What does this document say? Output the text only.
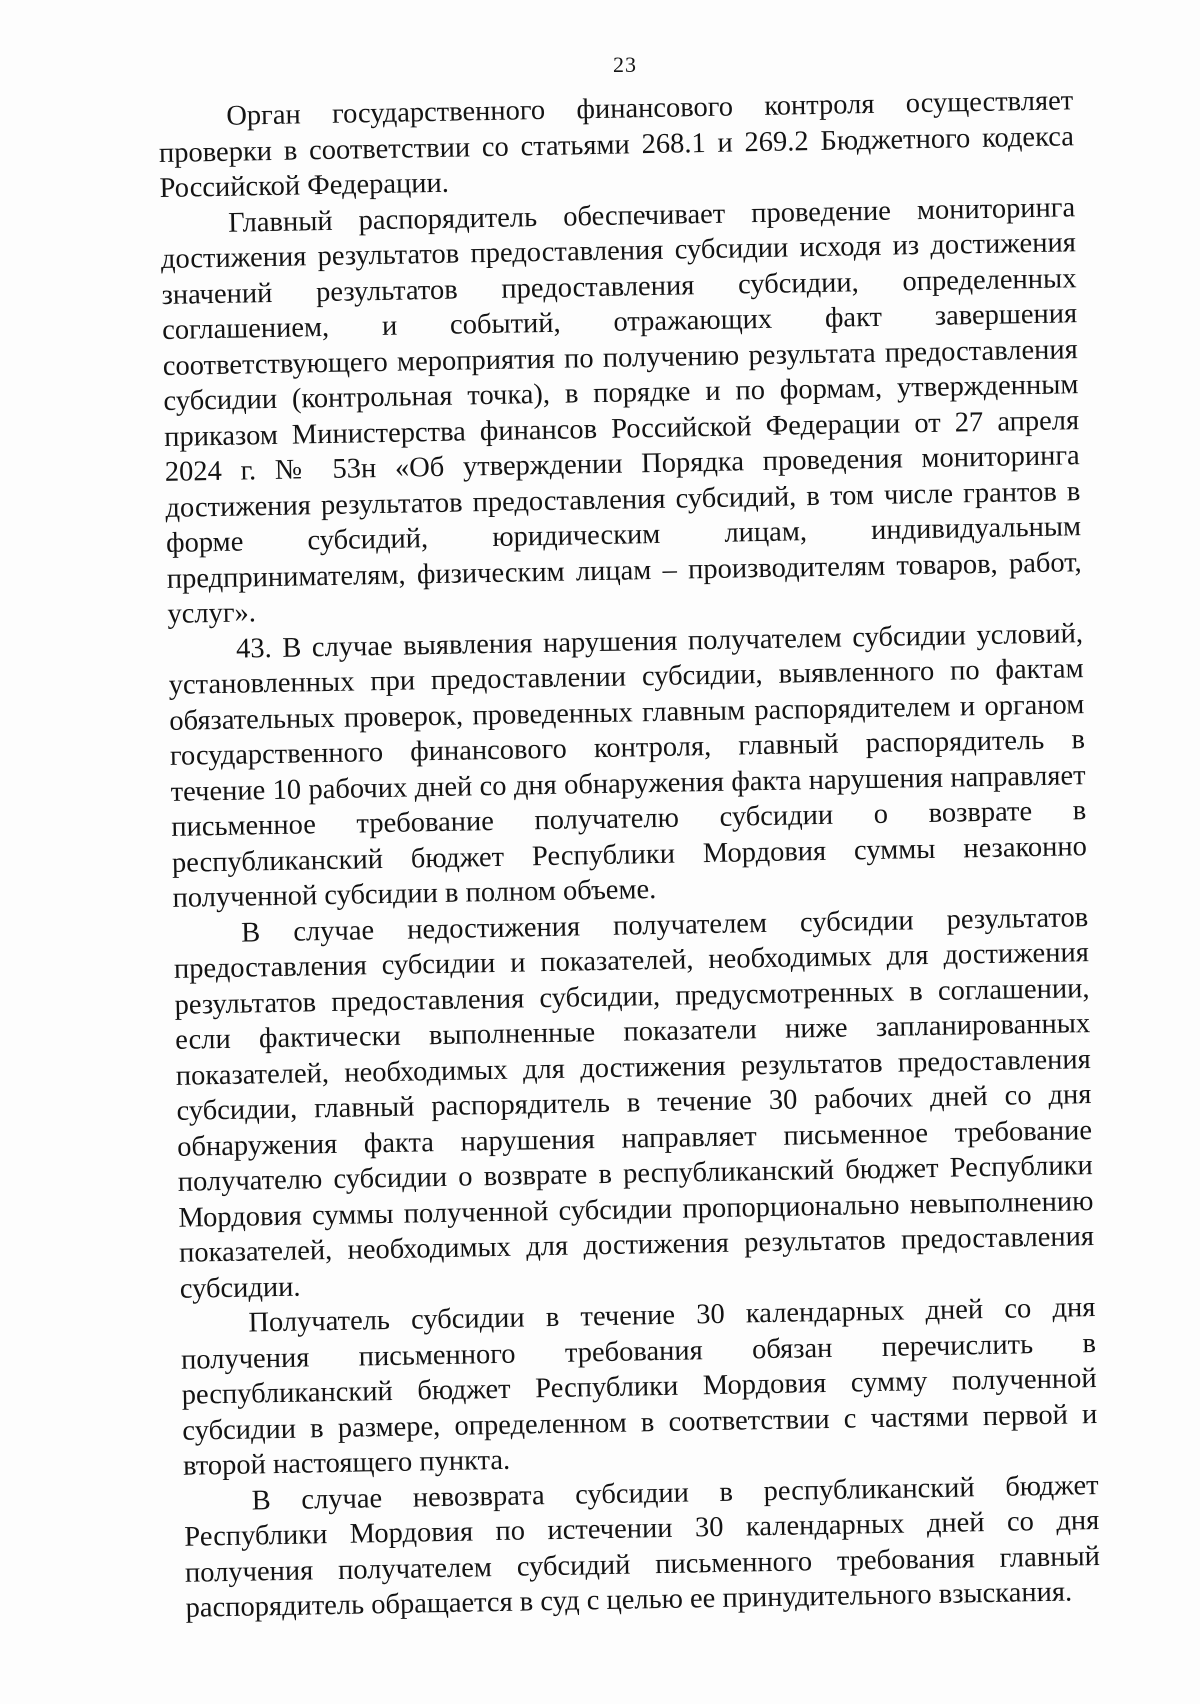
23

Орган государственного финансового контроля осуществляет проверки в соответствии со статьями 268.1 и 269.2 Бюджетного кодекса Российской Федерации.

Главный распорядитель обеспечивает проведение мониторинга достижения результатов предоставления субсидии исходя из достижения значений результатов предоставления субсидии, определенных соглашением, и событий, отражающих факт завершения соответствующего мероприятия по получению результата предоставления субсидии (контрольная точка), в порядке и по формам, утвержденным приказом Министерства финансов Российской Федерации от 27 апреля 2024 г. № 53н «Об утверждении Порядка проведения мониторинга достижения результатов предоставления субсидий, в том числе грантов в форме субсидий, юридическим лицам, индивидуальным предпринимателям, физическим лицам – производителям товаров, работ, услуг».

43. В случае выявления нарушения получателем субсидии условий, установленных при предоставлении субсидии, выявленного по фактам обязательных проверок, проведенных главным распорядителем и органом государственного финансового контроля, главный распорядитель в течение 10 рабочих дней со дня обнаружения факта нарушения направляет письменное требование получателю субсидии о возврате в республиканский бюджет Республики Мордовия суммы незаконно полученной субсидии в полном объеме.

В случае недостижения получателем субсидии результатов предоставления субсидии и показателей, необходимых для достижения результатов предоставления субсидии, предусмотренных в соглашении, если фактически выполненные показатели ниже запланированных показателей, необходимых для достижения результатов предоставления субсидии, главный распорядитель в течение 30 рабочих дней со дня обнаружения факта нарушения направляет письменное требование получателю субсидии о возврате в республиканский бюджет Республики Мордовия суммы полученной субсидии пропорционально невыполнению показателей, необходимых для достижения результатов предоставления субсидии.

Получатель субсидии в течение 30 календарных дней со дня получения письменного требования обязан перечислить в республиканский бюджет Республики Мордовия сумму полученной субсидии в размере, определенном в соответствии с частями первой и второй настоящего пункта.

В случае невозврата субсидии в республиканский бюджет Республики Мордовия по истечении 30 календарных дней со дня получения получателем субсидий письменного требования главный распорядитель обращается в суд с целью ее принудительного взыскания.
